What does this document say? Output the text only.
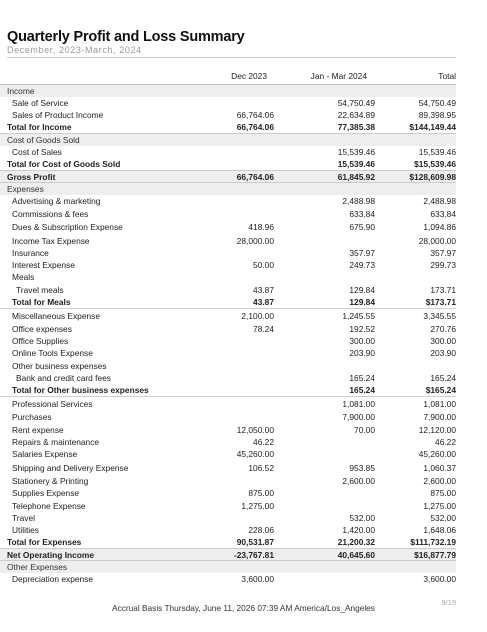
Quarterly Profit and Loss Summary
December, 2023-March, 2024
	Dec 2023	Jan - Mar 2024	Total
Income			
Sale of Service		54,750.49	54,750.49
Sales of Product Income	66,764.06	22,634.89	89,398.95
Total for Income	66,764.06	77,385.38	$144,149.44
Cost of Goods Sold			
Cost of Sales		15,539.46	15,539.46
Total for Cost of Goods Sold		15,539.46	$15,539.46
Gross Profit	66,764.06	61,845.92	$128,609.98
Expenses			
Advertising & marketing		2,488.98	2,488.98
Commissions & fees		633.84	633.84
Dues & Subscription Expense	418.96	675.90	1,094.86
Income Tax Expense	28,000.00		28,000.00
Insurance		357.97	357.97
Interest Expense	50.00	249.73	299.73
Meals			
Travel meals	43.87	129.84	173.71
Total for Meals	43.87	129.84	$173.71
Miscellaneous Expense	2,100.00	1,245.55	3,345.55
Office expenses	78.24	192.52	270.76
Office Supplies		300.00	300.00
Online Tools Expense		203.90	203.90
Other business expenses			
Bank and credit card fees		165.24	165.24
Total for Other business expenses		165.24	$165.24
Professional Services		1,081.00	1,081.00
Purchases		7,900.00	7,900.00
Rent expense	12,050.00	70.00	12,120.00
Repairs & maintenance	46.22		46.22
Salaries Expense	45,260.00		45,260.00
Shipping and Delivery Expense	106.52	953.85	1,060.37
Stationery & Printing		2,600.00	2,600.00
Supplies Expense	875.00		875.00
Telephone Expense	1,275.00		1,275.00
Travel		532.00	532.00
Utilities	228.06	1,420.00	1,648.06
Total for Expenses	90,531.87	21,200.32	$111,732.19
Net Operating Income	-23,767.81	40,645.60	$16,877.79
Other Expenses			
Depreciation expense	3,600.00		3,600.00
Accrual Basis Thursday, June 11, 2026 07:39 AM America/Los_Angeles
9/19
